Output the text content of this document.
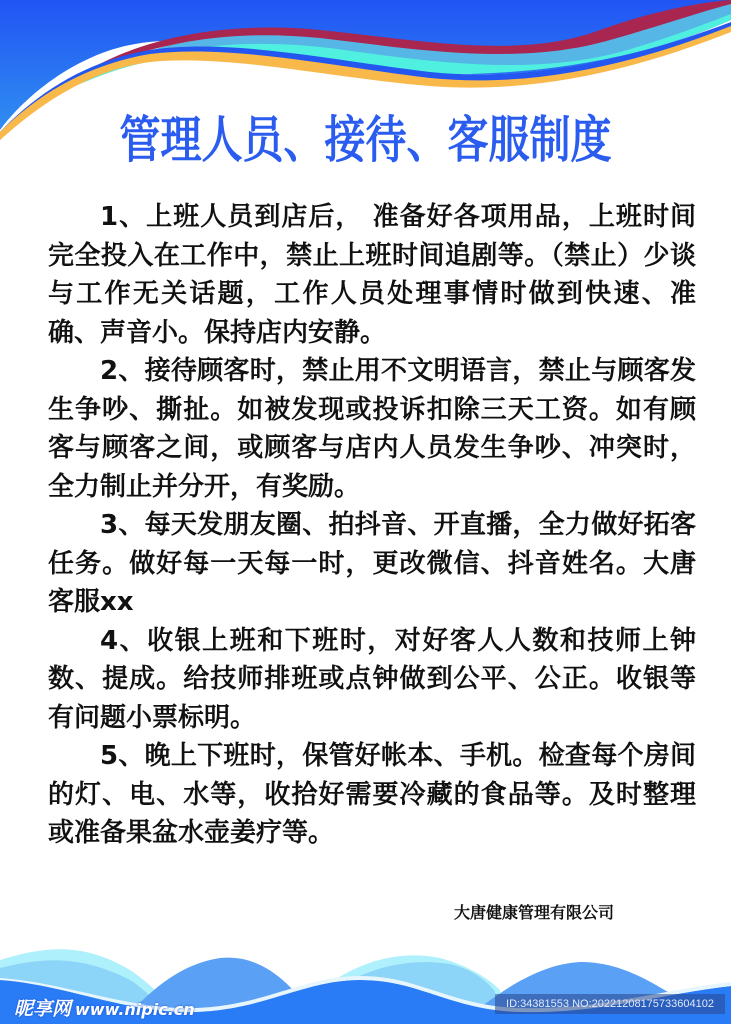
管理人员、接待、客服制度

1、上班人员到店后， 准备好各项用品，上班时间完全投入在工作中，禁止上班时间追剧等。（禁止）少谈与工作无关话题，工作人员处理事情时做到快速、准确、声音小。保持店内安静。

2、接待顾客时，禁止用不文明语言，禁止与顾客发生争吵、撕扯。如被发现或投诉扣除三天工资。如有顾客与顾客之间，或顾客与店内人员发生争吵、冲突时，全力制止并分开，有奖励。

3、每天发朋友圈、拍抖音、开直播，全力做好拓客任务。做好每一天每一时，更改微信、抖音姓名。大唐客服xx

4、收银上班和下班时，对好客人人数和技师上钟数、提成。给技师排班或点钟做到公平、公正。收银等有问题小票标明。

5、晚上下班时，保管好帐本、手机。检查每个房间的灯、电、水等，收拾好需要冷藏的食品等。及时整理或准备果盆水壶姜疗等。

大唐健康管理有限公司
昵享网 www.nipic.cn	ID:34381553 NO:20221208175733604102
